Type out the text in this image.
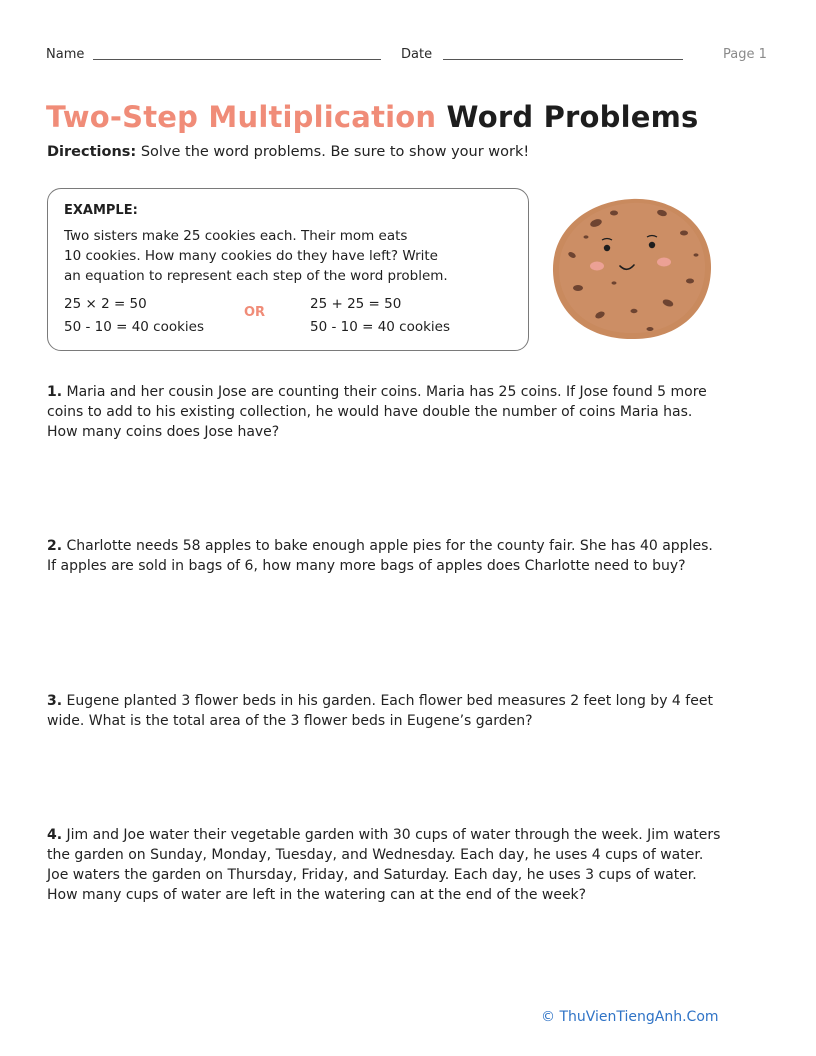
Name	Date	Page 1
Two-Step Multiplication Word Problems
Directions: Solve the word problems. Be sure to show your work!
EXAMPLE:
Two sisters make 25 cookies each. Their mom eats
10 cookies. How many cookies do they have left? Write
an equation to represent each step of the word problem.
25 × 2 = 50
50 - 10 = 40 cookies
OR
25 + 25 = 50
50 - 10 = 40 cookies
1. Maria and her cousin Jose are counting their coins. Maria has 25 coins. If Jose found 5 more
coins to add to his existing collection, he would have double the number of coins Maria has.
How many coins does Jose have?
2. Charlotte needs 58 apples to bake enough apple pies for the county fair. She has 40 apples.
If apples are sold in bags of 6, how many more bags of apples does Charlotte need to buy?
3. Eugene planted 3 flower beds in his garden. Each flower bed measures 2 feet long by 4 feet
wide. What is the total area of the 3 flower beds in Eugene’s garden?
4. Jim and Joe water their vegetable garden with 30 cups of water through the week. Jim waters
the garden on Sunday, Monday, Tuesday, and Wednesday. Each day, he uses 4 cups of water.
Joe waters the garden on Thursday, Friday, and Saturday. Each day, he uses 3 cups of water.
How many cups of water are left in the watering can at the end of the week?
© ThuVienTiengAnh.Com
